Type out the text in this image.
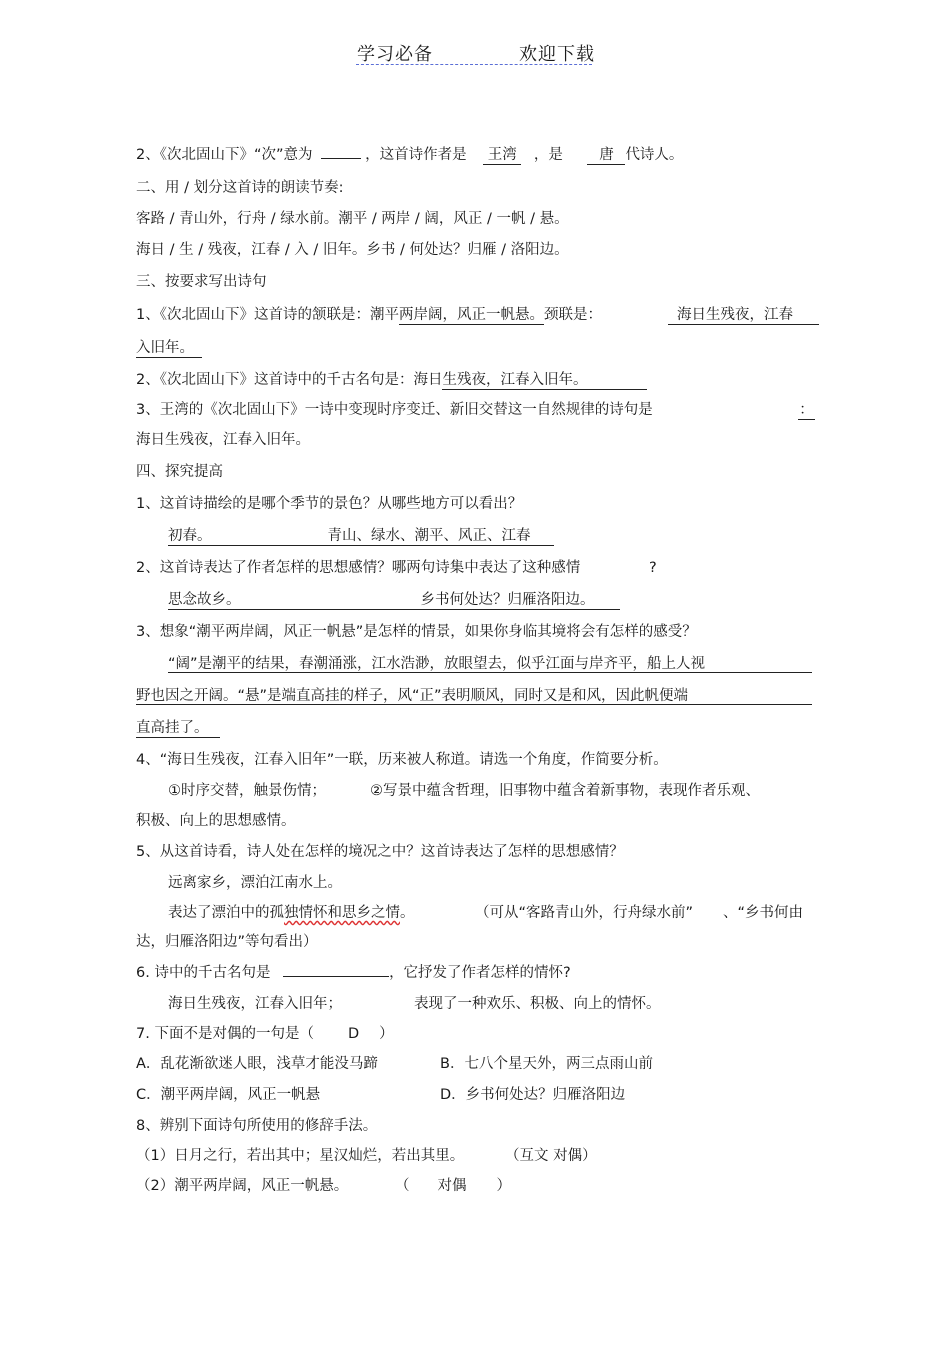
学习必备	欢迎下载
2、《次北固山下》“次”意为	，这首诗作者是 王湾 ，是	唐 代诗人。
二、用 / 划分这首诗的朗读节奏:
客路 / 青山外，行舟 / 绿水前。潮平 / 两岸 / 阔，风正 / 一帆 / 悬。
海日 / 生 / 残夜，江春 / 入 / 旧年。乡书 / 何处达？归雁 / 洛阳边。
三、按要求写出诗句
1、《次北固山下》这首诗的颔联是：潮平两岸阔，风正一帆悬。颈联是：	海日生残夜，江春
入旧年。
2、《次北固山下》这首诗中的千古名句是：海日生残夜，江春入旧年。
3、王湾的《次北固山下》一诗中变现时序变迁、新旧交替这一自然规律的诗句是	：
海日生残夜，江春入旧年。
四、探究提高
1、这首诗描绘的是哪个季节的景色？从哪些地方可以看出？
初春。	青山、绿水、潮平、风正、江春
2、这首诗表达了作者怎样的思想感情？哪两句诗集中表达了这种感情	?
思念故乡。	乡书何处达？归雁洛阳边。
3、想象“潮平两岸阔，风正一帆悬”是怎样的情景，如果你身临其境将会有怎样的感受？
“阔”是潮平的结果，春潮涌涨，江水浩渺，放眼望去，似乎江面与岸齐平，船上人视
野也因之开阔。“悬”是端直高挂的样子，风“正”表明顺风，同时又是和风，因此帆便端
直高挂了。
4、“海日生残夜，江春入旧年”一联，历来被人称道。请选一个角度，作简要分析。
①时序交替，触景伤情；	②写景中蕴含哲理，旧事物中蕴含着新事物，表现作者乐观、
积极、向上的思想感情。
5、从这首诗看，诗人处在怎样的境况之中？这首诗表达了怎样的思想感情？
远离家乡，漂泊江南水上。
表达了漂泊中的孤独情怀和思乡之情。	（可从“客路青山外，行舟绿水前” 、“乡书何由
达，归雁洛阳边”等句看出）
6. 诗中的千古名句是	，它抒发了作者怎样的情怀?
海日生残夜，江春入旧年；	表现了一种欢乐、积极、向上的情怀。
7. 下面不是对偶的一句是（ D ）
A．乱花渐欲迷人眼，浅草才能没马蹄	B．七八个星天外，两三点雨山前
C．潮平两岸阔，风正一帆悬	D．乡书何处达？归雁洛阳边
8、辨别下面诗句所使用的修辞手法。
（1）日月之行，若出其中；星汉灿烂，若出其里。	（互文 对偶）
（2）潮平两岸阔，风正一帆悬。	（ 对偶 ）
